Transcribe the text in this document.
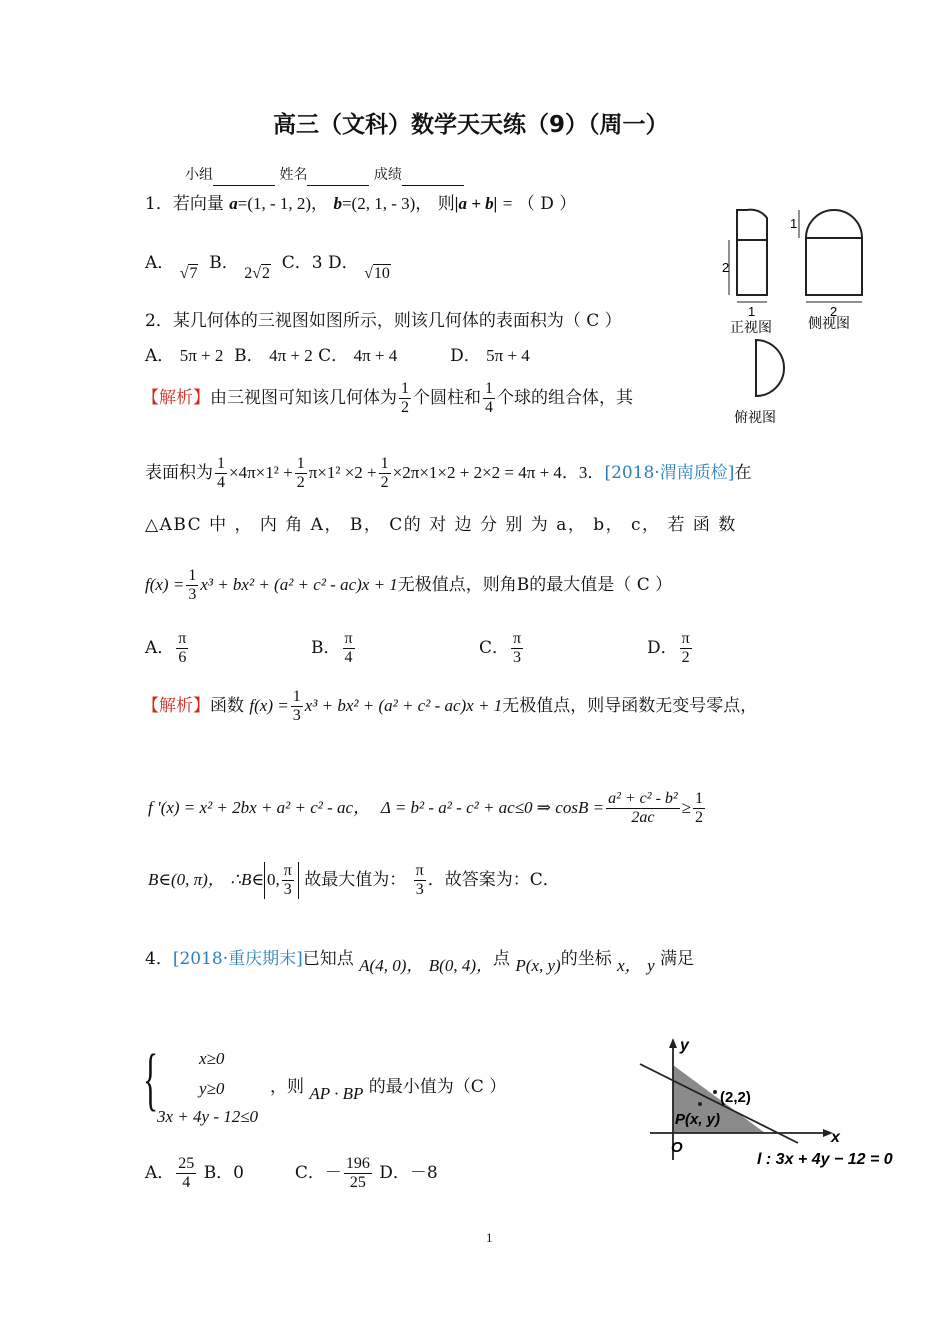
高三（文科）数学天天练（9）（周一）
小组	姓名	成绩
1．若向量 a=(1, - 1, 2)， b=(2, 1, - 3)， 则|a + b| = （ D ）
A． √7  B． 2√2  C．3 D． √10	2
1
1
2
正视图	侧视图
俯视图
2．某几何体的三视图如图所示，则该几何体的表面积为（ C ）
A． 5π + 2 B． 4π + 2 C． 4π + 4	D． 5π + 4
【解析】由三视图可知该几何体为 $\frac{1}{2}$ 个圆柱和 $\frac{1}{4}$ 个球的组合体，其
表面积为 $\frac{1}{4} \times 4\pi\times 1^2 + \frac{1}{2} \pi\times 1^2 \times 2 + \frac{1}{2} \times 2\pi\times 1\times 2 + 2\times 2 = 4\pi + 4$．3．[2018·渭南质检]在
△ABC 中 ， 内 角 A， B， C的 对 边 分 别 为 a， b， c， 若 函 数
$f(x) = \frac{1}{3} x^3 + bx^2 + (a^2 + c^2 - ac)x + 1$无极值点，则角B的最大值是（ C ）
A． $\frac{\pi}{6}$	B． $\frac{\pi}{4}$	C． $\frac{\pi}{3}$	D． $\frac{\pi}{2}$
【解析】函数 $f(x) = \frac{1}{3} x^3 + bx^2 + (a^2 + c^2 - ac)x + 1$无极值点，则导函数无变号零点，
f ′(x) = x² + 2bx + a² + c² - ac， Δ = b² - a² - c² + ac≤0 ⇒ $\cos B = \frac{\text{a² + c² - b²}}{2ac} \ge \frac{1}{2}$
B∈(0, π)， ∴B∈ 0, $\frac{\pi}{3}$ 故最大值为： $\frac{\pi}{3}$ ．故答案为：C．
4．[2018·重庆期末]已知点 A(4, 0)， B(0, 4)，点 P(x, y)的坐标 x， y 满足
{ x≥0
y≥0
3x + 4y - 12≤0
，则 AP · BP 的最小值为（C ）
y
x
O
(2,2)
P(x, y)
l : 3x + 4y − 12 = 0
A． $\frac{25}{4}$ B．0	C．－ $\frac{196}{25}$ D．－8
1
